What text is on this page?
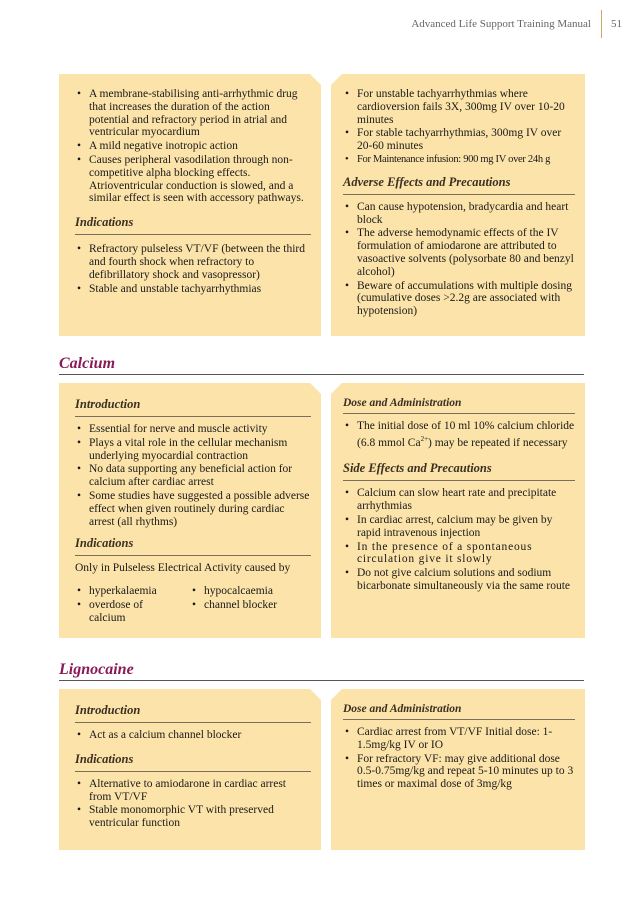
Advanced Life Support Training Manual 51
• A membrane-stabilising anti-arrhythmic drug that increases the duration of the action potential and refractory period in atrial and ventricular myocardium
• A mild negative inotropic action
• Causes peripheral vasodilation through non-competitive alpha blocking effects. Atrioventricular conduction is slowed, and a similar effect is seen with accessory pathways.
Indications
• Refractory pulseless VT/VF (between the third and fourth shock when refractory to defibrillatory shock and vasopressor)
• Stable and unstable tachyarrhythmias
• For unstable tachyarrhythmias where cardioversion fails 3X, 300mg IV over 10-20 minutes
• For stable tachyarrhythmias, 300mg IV over 20-60 minutes
• For Maintenance infusion: 900 mg IV over 24h g
Adverse Effects and Precautions
• Can cause hypotension, bradycardia and heart block
• The adverse hemodynamic effects of the IV formulation of amiodarone are attributed to vasoactive solvents (polysorbate 80 and benzyl alcohol)
• Beware of accumulations with multiple dosing (cumulative doses >2.2g are associated with hypotension)
Calcium
Introduction
• Essential for nerve and muscle activity
• Plays a vital role in the cellular mechanism underlying myocardial contraction
• No data supporting any beneficial action for calcium after cardiac arrest
• Some studies have suggested a possible adverse effect when given routinely during cardiac arrest (all rhythms)
Indications

Only in Pulseless Electrical Activity caused by

• hyperkalaemia
• overdose of calcium
• hypocalcaemia
• channel blocker
Dose and Administration
• The initial dose of 10 ml 10% calcium chloride (6.8 mmol $Ca^{2+}$) may be repeated if necessary
Side Effects and Precautions
• Calcium can slow heart rate and precipitate arrhythmias
• In cardiac arrest, calcium may be given by rapid intravenous injection
• In the presence of a spontaneous circulation give it slowly
• Do not give calcium solutions and sodium bicarbonate simultaneously via the same route
Lignocaine
Introduction
• Act as a calcium channel blocker
Indications
• Alternative to amiodarone in cardiac arrest from VT/VF
• Stable monomorphic VT with preserved ventricular function
Dose and Administration
• Cardiac arrest from VT/VF Initial dose: 1-1.5mg/kg IV or IO
• For refractory VF: may give additional dose 0.5-0.75mg/kg and repeat 5-10 minutes up to 3 times or maximal dose of 3mg/kg
